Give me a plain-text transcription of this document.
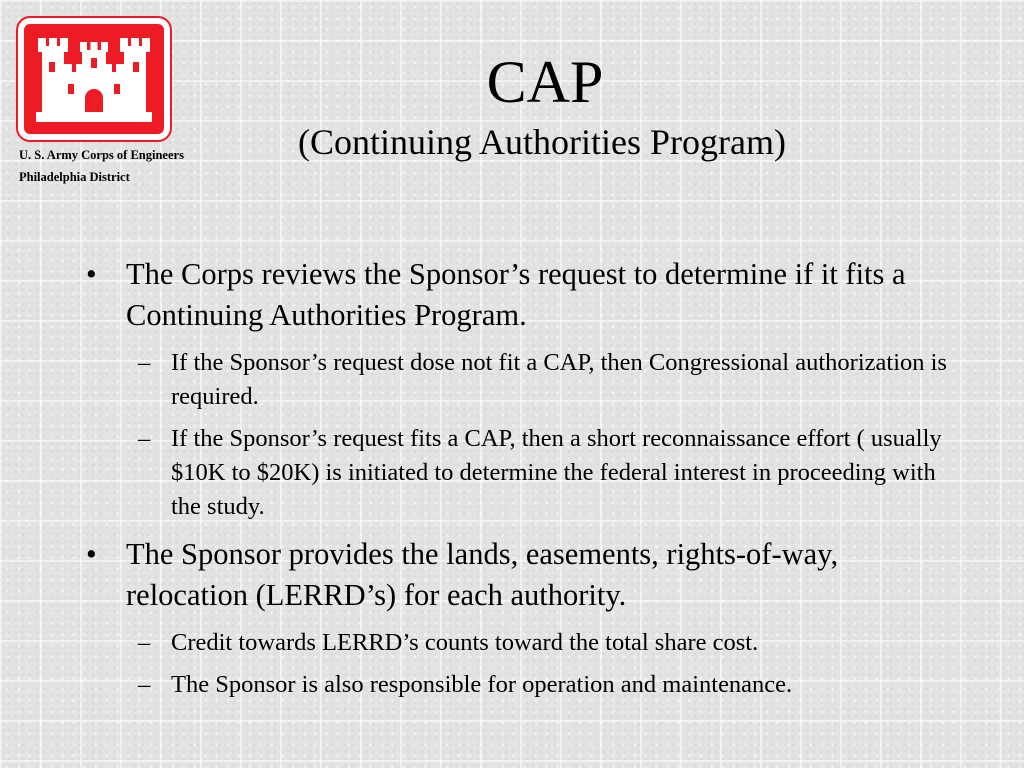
U. S. Army Corps of Engineers
Philadelphia District
CAP
(Continuing Authorities Program)
• The Corps reviews the Sponsor’s request to determine if it fits a Continuing Authorities Program.
– If the Sponsor’s request dose not fit a CAP, then Congressional authorization is required.
– If the Sponsor’s request fits a CAP, then a short reconnaissance effort ( usually $10K to $20K) is initiated to determine the federal interest in proceeding with the study.
• The Sponsor provides the lands, easements, rights-of-way, relocation (LERRD’s) for each authority.
– Credit towards LERRD’s counts toward the total share cost.
– The Sponsor is also responsible for operation and maintenance.
